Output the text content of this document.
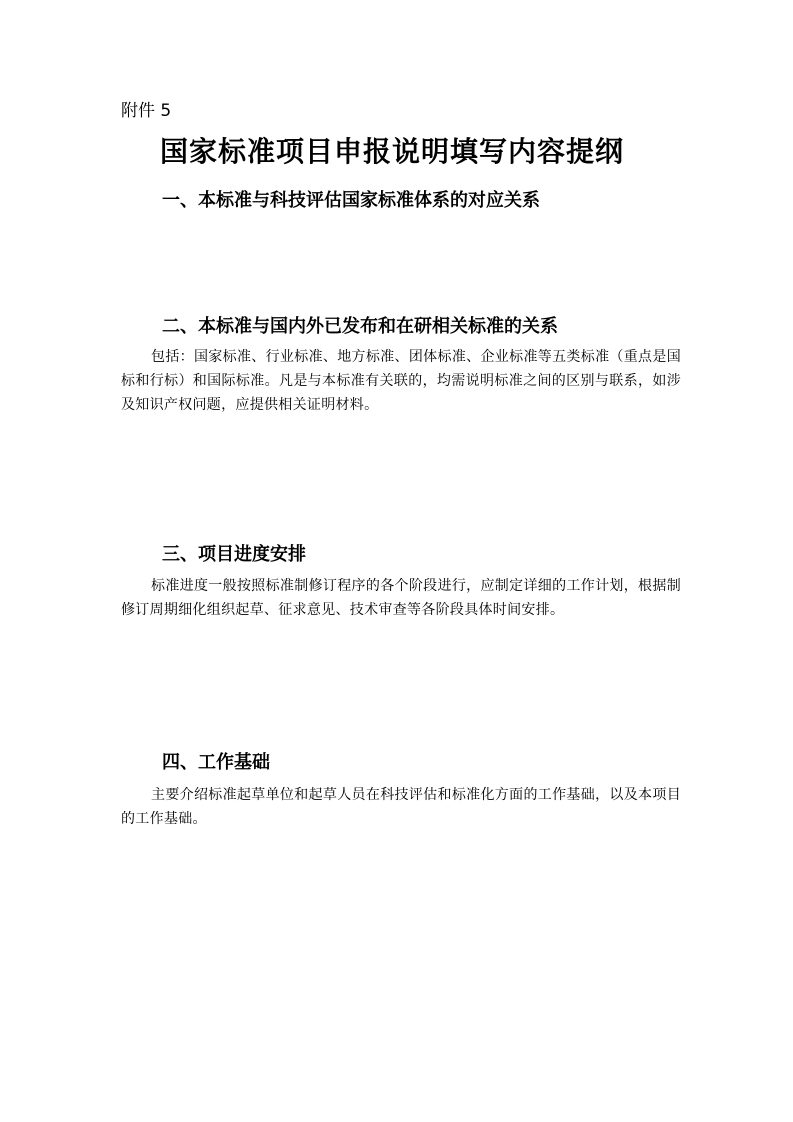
附件 5
国家标准项目申报说明填写内容提纲
一、本标准与科技评估国家标准体系的对应关系
二、本标准与国内外已发布和在研相关标准的关系
包括：国家标准、行业标准、地方标准、团体标准、企业标准等五类标准（重点是国标和行标）和国际标准。凡是与本标准有关联的，均需说明标准之间的区别与联系，如涉及知识产权问题，应提供相关证明材料。
三、项目进度安排
标准进度一般按照标准制修订程序的各个阶段进行，应制定详细的工作计划，根据制修订周期细化组织起草、征求意见、技术审查等各阶段具体时间安排。
四、工作基础
主要介绍标准起草单位和起草人员在科技评估和标准化方面的工作基础，以及本项目的工作基础。
